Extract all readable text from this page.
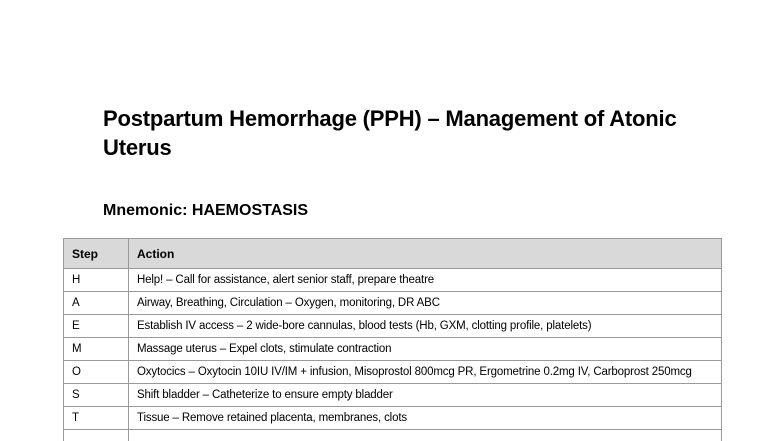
Postpartum Hemorrhage (PPH) – Management of Atonic Uterus
Mnemonic: HAEMOSTASIS
Step	Action
H	Help! – Call for assistance, alert senior staff, prepare theatre
A	Airway, Breathing, Circulation – Oxygen, monitoring, DR ABC
E	Establish IV access – 2 wide-bore cannulas, blood tests (Hb, GXM, clotting profile, platelets)
M	Massage uterus – Expel clots, stimulate contraction
O	Oxytocics – Oxytocin 10IU IV/IM + infusion, Misoprostol 800mcg PR, Ergometrine 0.2mg IV, Carboprost 250mcg
S	Shift bladder – Catheterize to ensure empty bladder
T	Tissue – Remove retained placenta, membranes, clots
